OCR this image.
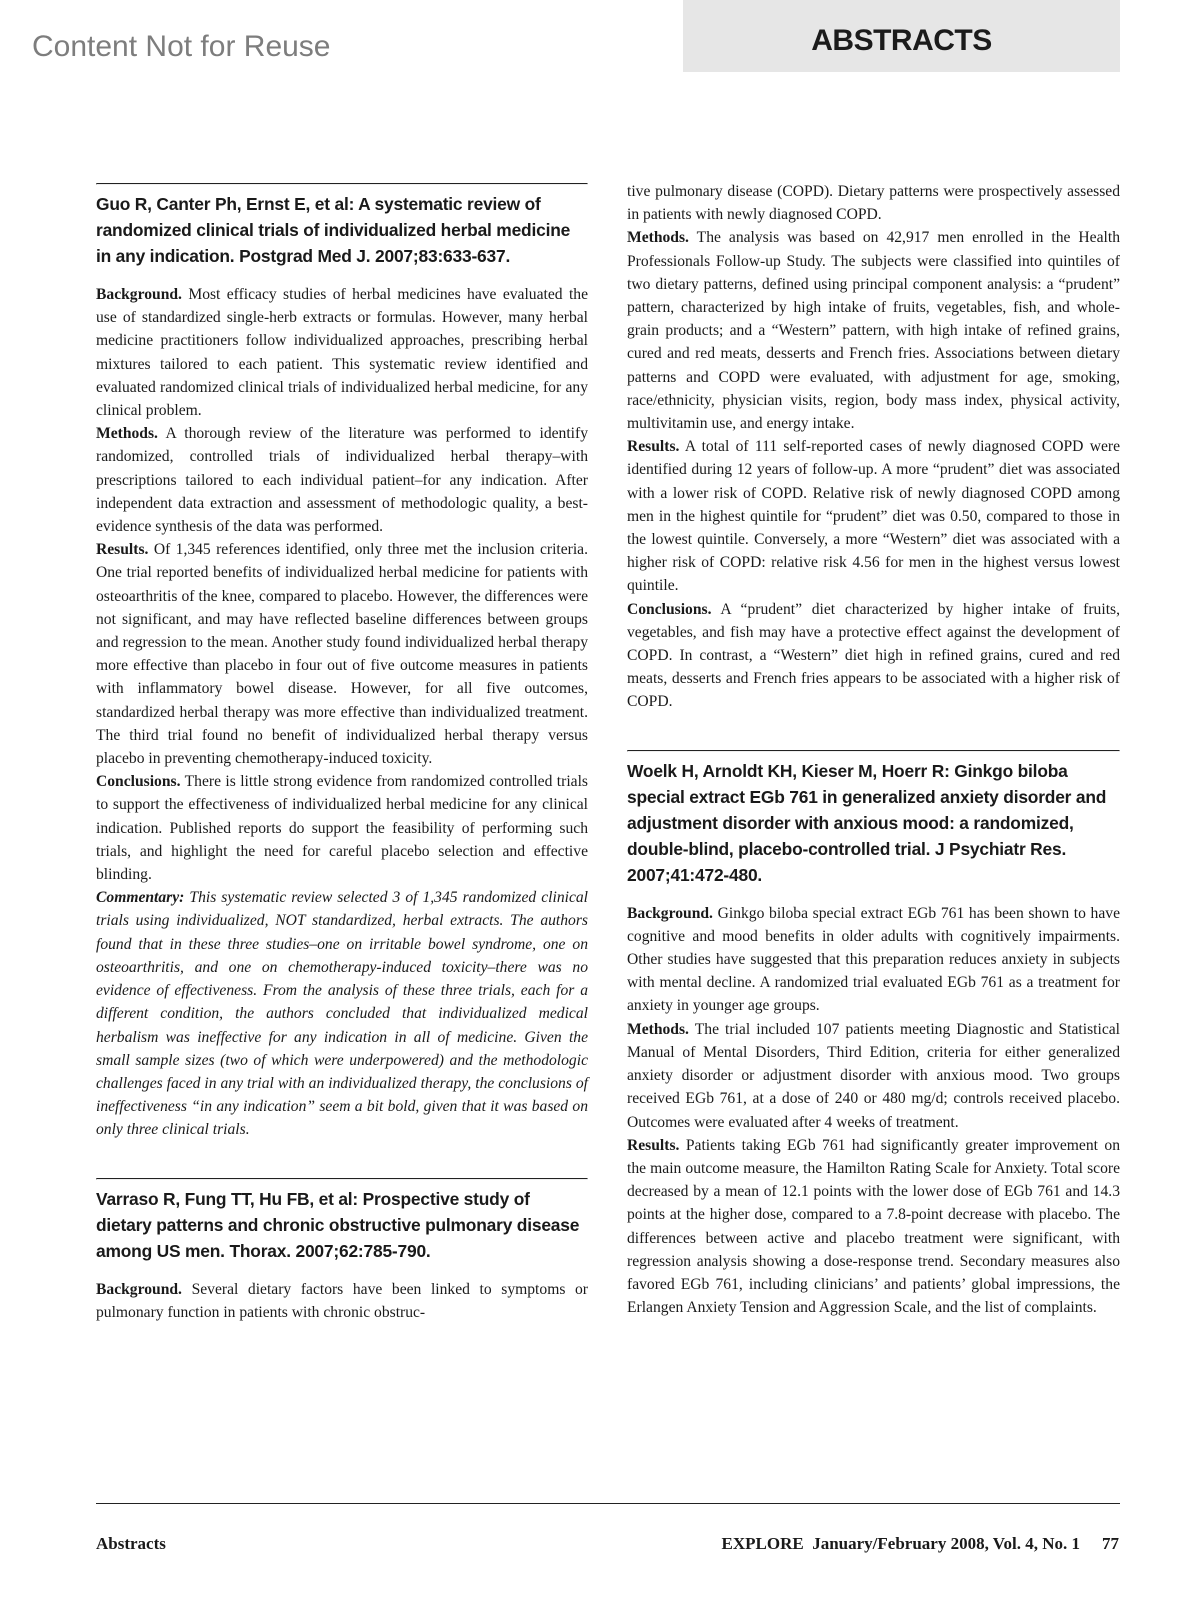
Content Not for Reuse	ABSTRACTS
Guo R, Canter Ph, Ernst E, et al: A systematic review of randomized clinical trials of individualized herbal medicine in any indication. Postgrad Med J. 2007;83:633-637.

Background. Most efficacy studies of herbal medicines have evaluated the use of standardized single-herb extracts or formulas. However, many herbal medicine practitioners follow individualized approaches, prescribing herbal mixtures tailored to each patient. This systematic review identified and evaluated randomized clinical trials of individualized herbal medicine, for any clinical problem.

Methods. A thorough review of the literature was performed to identify randomized, controlled trials of individualized herbal therapy–with prescriptions tailored to each individual patient–for any indication. After independent data extraction and assessment of methodologic quality, a best-evidence synthesis of the data was performed.

Results. Of 1,345 references identified, only three met the inclusion criteria. One trial reported benefits of individualized herbal medicine for patients with osteoarthritis of the knee, compared to placebo. However, the differences were not significant, and may have reflected baseline differences between groups and regression to the mean. Another study found individualized herbal therapy more effective than placebo in four out of five outcome measures in patients with inflammatory bowel disease. However, for all five outcomes, standardized herbal therapy was more effective than individualized treatment. The third trial found no benefit of individualized herbal therapy versus placebo in preventing chemotherapy-induced toxicity.

Conclusions. There is little strong evidence from randomized controlled trials to support the effectiveness of individualized herbal medicine for any clinical indication. Published reports do support the feasibility of performing such trials, and highlight the need for careful placebo selection and effective blinding.

Commentary: This systematic review selected 3 of 1,345 randomized clinical trials using individualized, NOT standardized, herbal extracts. The authors found that in these three studies–one on irritable bowel syndrome, one on osteoarthritis, and one on chemotherapy-induced toxicity–there was no evidence of effectiveness. From the analysis of these three trials, each for a different condition, the authors concluded that individualized medical herbalism was ineffective for any indication in all of medicine. Given the small sample sizes (two of which were underpowered) and the methodologic challenges faced in any trial with an individualized therapy, the conclusions of ineffectiveness “in any indication” seem a bit bold, given that it was based on only three clinical trials.

Varraso R, Fung TT, Hu FB, et al: Prospective study of dietary patterns and chronic obstructive pulmonary disease among US men. Thorax. 2007;62:785-790.

Background. Several dietary factors have been linked to symptoms or pulmonary function in patients with chronic obstruc-

tive pulmonary disease (COPD). Dietary patterns were prospectively assessed in patients with newly diagnosed COPD.

Methods. The analysis was based on 42,917 men enrolled in the Health Professionals Follow-up Study. The subjects were classified into quintiles of two dietary patterns, defined using principal component analysis: a “prudent” pattern, characterized by high intake of fruits, vegetables, fish, and whole-grain products; and a “Western” pattern, with high intake of refined grains, cured and red meats, desserts and French fries. Associations between dietary patterns and COPD were evaluated, with adjustment for age, smoking, race/ethnicity, physician visits, region, body mass index, physical activity, multivitamin use, and energy intake.

Results. A total of 111 self-reported cases of newly diagnosed COPD were identified during 12 years of follow-up. A more “prudent” diet was associated with a lower risk of COPD. Relative risk of newly diagnosed COPD among men in the highest quintile for “prudent” diet was 0.50, compared to those in the lowest quintile. Conversely, a more “Western” diet was associated with a higher risk of COPD: relative risk 4.56 for men in the highest versus lowest quintile.

Conclusions. A “prudent” diet characterized by higher intake of fruits, vegetables, and fish may have a protective effect against the development of COPD. In contrast, a “Western” diet high in refined grains, cured and red meats, desserts and French fries appears to be associated with a higher risk of COPD.

Woelk H, Arnoldt KH, Kieser M, Hoerr R: Ginkgo biloba special extract EGb 761 in generalized anxiety disorder and adjustment disorder with anxious mood: a randomized, double-blind, placebo-controlled trial. J Psychiatr Res. 2007;41:472-480.

Background. Ginkgo biloba special extract EGb 761 has been shown to have cognitive and mood benefits in older adults with cognitively impairments. Other studies have suggested that this preparation reduces anxiety in subjects with mental decline. A randomized trial evaluated EGb 761 as a treatment for anxiety in younger age groups.

Methods. The trial included 107 patients meeting Diagnostic and Statistical Manual of Mental Disorders, Third Edition, criteria for either generalized anxiety disorder or adjustment disorder with anxious mood. Two groups received EGb 761, at a dose of 240 or 480 mg/d; controls received placebo. Outcomes were evaluated after 4 weeks of treatment.

Results. Patients taking EGb 761 had significantly greater improvement on the main outcome measure, the Hamilton Rating Scale for Anxiety. Total score decreased by a mean of 12.1 points with the lower dose of EGb 761 and 14.3 points at the higher dose, compared to a 7.8-point decrease with placebo. The differences between active and placebo treatment were significant, with regression analysis showing a dose-response trend. Secondary measures also favored EGb 761, including clinicians’ and patients’ global impressions, the Erlangen Anxiety Tension and Aggression Scale, and the list of complaints.

Abstracts	EXPLORE  January/February 2008, Vol. 4, No. 1 77
